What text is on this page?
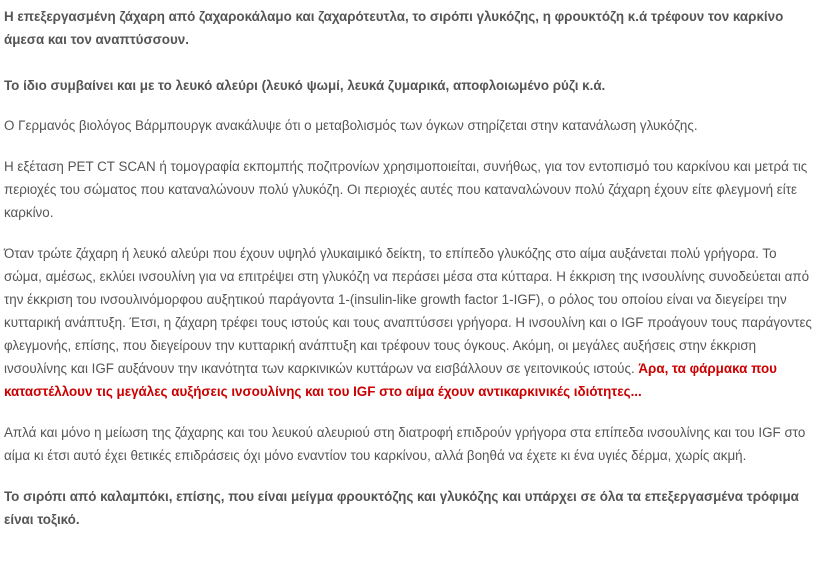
Η επεξεργασμένη ζάχαρη από ζαχαροκάλαμο και ζαχαρότευτλα, το σιρόπι γλυκόζης, η φρουκτόζη κ.ά τρέφουν τον καρκίνο άμεσα και τον αναπτύσσουν.

Το ίδιο συμβαίνει και με το λευκό αλεύρι (λευκό ψωμί, λευκά ζυμαρικά, αποφλοιωμένο ρύζι κ.ά.

Ο Γερμανός βιολόγος Βάρμπουργκ ανακάλυψε ότι ο μεταβολισμός των όγκων στηρίζεται στην κατανάλωση γλυκόζης.

Η εξέταση PET CT SCAN ή τομογραφία εκπομπής ποζιτρονίων χρησιμοποιείται, συνήθως, για τον εντοπισμό του καρκίνου και μετρά τις περιοχές του σώματος που καταναλώνουν πολύ γλυκόζη. Οι περιοχές αυτές που καταναλώνουν πολύ ζάχαρη έχουν είτε φλεγμονή είτε καρκίνο.

Όταν τρώτε ζάχαρη ή λευκό αλεύρι που έχουν υψηλό γλυκαιμικό δείκτη, το επίπεδο γλυκόζης στο αίμα αυξάνεται πολύ γρήγορα. Το σώμα, αμέσως, εκλύει ινσουλίνη για να επιτρέψει στη γλυκόζη να περάσει μέσα στα κύτταρα. Η έκκριση της ινσουλίνης συνοδεύεται από την έκκριση του ινσουλινόμορφου αυξητικού παράγοντα 1-(insulin-like growth factor 1-IGF), ο ρόλος του οποίου είναι να διεγείρει την κυτταρική ανάπτυξη. Έτσι, η ζάχαρη τρέφει τους ιστούς και τους αναπτύσσει γρήγορα. Η ινσουλίνη και ο IGF προάγουν τους παράγοντες φλεγμονής, επίσης, που διεγείρουν την κυτταρική ανάπτυξη και τρέφουν τους όγκους. Ακόμη, οι μεγάλες αυξήσεις στην έκκριση ινσουλίνης και IGF αυξάνουν την ικανότητα των καρκινικών κυττάρων να εισβάλλουν σε γειτονικούς ιστούς. Άρα, τα φάρμακα που καταστέλλουν τις μεγάλες αυξήσεις ινσουλίνης και του IGF στο αίμα έχουν αντικαρκινικές ιδιότητες...

Απλά και μόνο η μείωση της ζάχαρης και του λευκού αλευριού στη διατροφή επιδρούν γρήγορα στα επίπεδα ινσουλίνης και του IGF στο αίμα κι έτσι αυτό έχει θετικές επιδράσεις όχι μόνο εναντίον του καρκίνου, αλλά βοηθά να έχετε κι ένα υγιές δέρμα, χωρίς ακμή.

Το σιρόπι από καλαμπόκι, επίσης, που είναι μείγμα φρουκτόζης και γλυκόζης και υπάρχει σε όλα τα επεξεργασμένα τρόφιμα είναι τοξικό.
